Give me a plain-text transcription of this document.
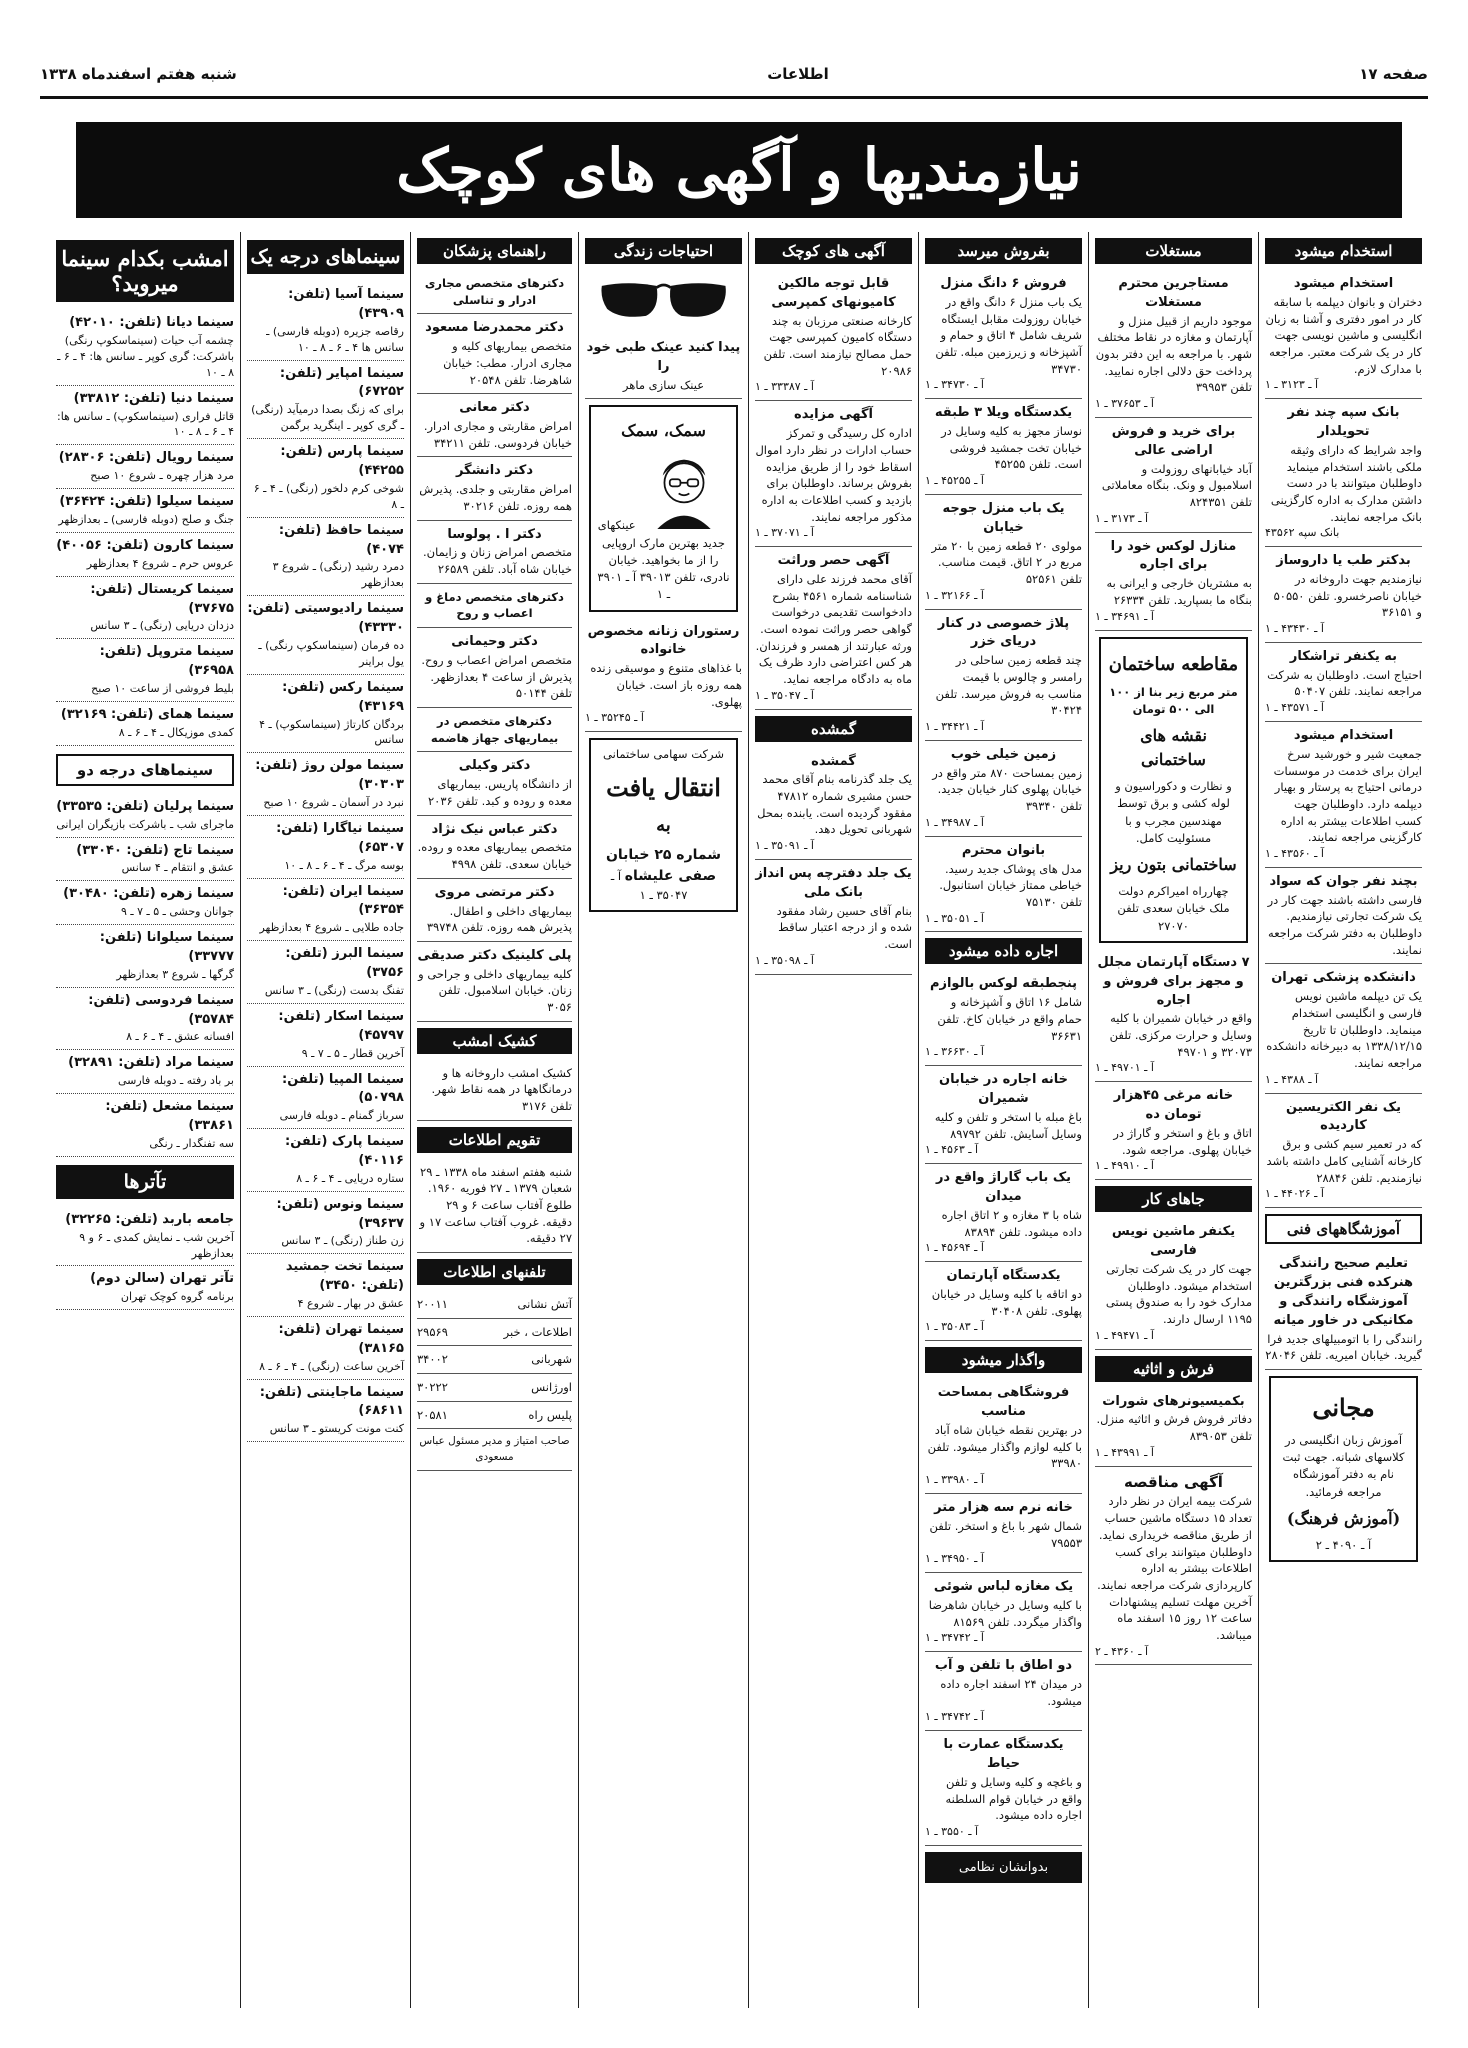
صفحه ۱۷
اطلاعات
شنبه هفتم اسفندماه ۱۳۳۸
نیازمندیها و آگهی های کوچک
استخدام میشود
استخدام میشود
دختران و بانوان دیپلمه با سابقه کار در امور دفتری و آشنا به زبان انگلیسی و ماشین نویسی جهت کار در یک شرکت معتبر. مراجعه با مدارک لازم.
آ ـ ۳۱۲۳ ـ ۱
بانک سپه چند نفر تحویلدار
واجد شرایط که دارای وثیقه ملکی باشند استخدام مینماید داوطلبان میتوانند با در دست داشتن مدارک به اداره کارگزینی بانک مراجعه نمایند.
بانک سپه ۴۳۵۶۲
بدکتر طب یا داروساز
نیازمندیم جهت داروخانه در خیابان ناصرخسرو. تلفن ۵۰۵۵۰ و ۳۶۱۵۱
آ ـ ۴۳۴۳۰ ـ ۱
به یکنفر تراشکار
احتیاج است. داوطلبان به شرکت مراجعه نمایند. تلفن ۵۰۴۰۷
آ ـ ۴۳۵۷۱ ـ ۱
استخدام میشود
جمعیت شیر و خورشید سرخ ایران برای خدمت در موسسات درمانی احتیاج به پرستار و بهیار دیپلمه دارد. داوطلبان جهت کسب اطلاعات بیشتر به اداره کارگزینی مراجعه نمایند.
آ ـ ۴۳۵۶۰ ـ ۱
بچند نفر جوان که سواد
فارسی داشته باشند جهت کار در یک شرکت تجارتی نیازمندیم. داوطلبان به دفتر شرکت مراجعه نمایند.
دانشکده پزشکی تهران
یک تن دیپلمه ماشین نویس فارسی و انگلیسی استخدام مینماید. داوطلبان تا تاریخ ۱۳۳۸/۱۲/۱۵ به دبیرخانه دانشکده مراجعه نمایند.
آ ـ ۴۳۸۸ ـ ۱
یک نفر الکتریسین کاردیده
که در تعمیر سیم کشی و برق کارخانه آشنایی کامل داشته باشد نیازمندیم. تلفن ۲۸۸۴۶
آ ـ ۴۴۰۲۶ ـ ۱
آموزشگاههای فنی
تعلیم صحیح رانندگی هنرکده فنی بزرگترین آموزشگاه رانندگی و مکانیکی در خاور میانه
رانندگی را با اتومبیلهای جدید فرا گیرید. خیابان امیریه. تلفن ۲۸۰۴۶
مجانی
آموزش زبان انگلیسی در کلاسهای شبانه. جهت ثبت نام به دفتر آموزشگاه مراجعه فرمائید.
(آموزش فرهنگ)
آ ـ ۴۰۹۰ ـ ۲
مستغلات
مستاجرین محترم مستغلات
موجود داریم از قبیل منزل و آپارتمان و مغازه در نقاط مختلف شهر. با مراجعه به این دفتر بدون پرداخت حق دلالی اجاره نمایید. تلفن ۳۹۹۵۳
آ ـ ۳۷۶۵۳ ـ ۱
برای خرید و فروش اراضی عالی
آباد خیابانهای روزولت و اسلامبول و ونک. بنگاه معاملاتی تلفن ۸۲۴۳۵۱
آ ـ ۳۱۷۳ ـ ۱
منازل لوکس خود را برای اجاره
به مشتریان خارجی و ایرانی به بنگاه ما بسپارید. تلفن ۲۶۳۳۴
آ ـ ۳۴۶۹۱ ـ ۱
مقاطعه ساختمان
متر مربع زیر بنا از ۱۰۰ الی ۵۰۰ تومان
نقشه های ساختمانی
و نظارت و دکوراسیون و لوله کشی و برق توسط مهندسین مجرب و با مسئولیت کامل.
ساختمانی بتون ریز
چهارراه امیراکرم دولت ملک خیابان سعدی تلفن ۲۷۰۷۰
۷ دستگاه آپارتمان مجلل و مجهز برای فروش و اجاره
واقع در خیابان شمیران با کلیه وسایل و حرارت مرکزی. تلفن ۳۲۰۷۳ و ۴۹۷۰۱
آ ـ ۴۹۷۰۱ ـ ۱
خانه مرغی ۴۵هزار تومان ده
اتاق و باغ و استخر و گاراژ در خیابان پهلوی. مراجعه شود.
آ ـ ۴۹۹۱۰ ـ ۱
جاهای کار
یکنفر ماشین نویس فارسی
جهت کار در یک شرکت تجارتی استخدام میشود. داوطلبان مدارک خود را به صندوق پستی ۱۱۹۵ ارسال دارند.
آ ـ ۴۹۴۷۱ ـ ۱
فرش و اثاثیه
بکمیسیونرهای شورات
دفاتر فروش فرش و اثاثیه منزل. تلفن ۸۳۹۰۵۳
آ ـ ۴۳۹۹۱ ـ ۱
آگهی مناقصه
شرکت بیمه ایران در نظر دارد تعداد ۱۵ دستگاه ماشین حساب از طریق مناقصه خریداری نماید. داوطلبان میتوانند برای کسب اطلاعات بیشتر به اداره کارپردازی شرکت مراجعه نمایند. آخرین مهلت تسلیم پیشنهادات ساعت ۱۲ روز ۱۵ اسفند ماه میباشد.
آ ـ ۴۳۶۰ ـ ۲
بفروش میرسد
فروش ۶ دانگ منزل
یک باب منزل ۶ دانگ واقع در خیابان روزولت مقابل ایستگاه شریف شامل ۴ اتاق و حمام و آشپزخانه و زیرزمین مبله. تلفن ۳۴۷۳۰
آ ـ ۳۴۷۳۰ ـ ۱
یکدستگاه ویلا ۳ طبقه
نوساز مجهز به کلیه وسایل در خیابان تخت جمشید فروشی است. تلفن ۴۵۲۵۵
آ ـ ۴۵۲۵۵ ـ ۱
یک باب منزل جوجه خیابان
مولوی ۲۰ قطعه زمین با ۲۰ متر مربع در ۲ اتاق. قیمت مناسب. تلفن ۵۲۵۶۱
آ ـ ۳۲۱۶۶ ـ ۱
پلاژ خصوصی در کنار دریای خزر
چند قطعه زمین ساحلی در رامسر و چالوس با قیمت مناسب به فروش میرسد. تلفن ۳۰۴۲۴
آ ـ ۳۴۴۲۱ ـ ۱
زمین خیلی خوب
زمین بمساحت ۸۷۰ متر واقع در خیابان پهلوی کنار خیابان جدید. تلفن ۳۹۳۴۰
آ ـ ۳۴۹۸۷ ـ ۱
بانوان محترم
مدل های پوشاک جدید رسید. خیاطی ممتاز خیابان استانبول. تلفن ۷۵۱۳۰
آ ـ ۳۵۰۵۱ ـ ۱
اجاره داده میشود
پنجطبقه لوکس بالوازم
شامل ۱۶ اتاق و آشپزخانه و حمام واقع در خیابان کاخ. تلفن ۳۶۶۳۱
آ ـ ۳۶۶۳۰ ـ ۱
خانه اجاره در خیابان شمیران
باغ مبله با استخر و تلفن و کلیه وسایل آسایش. تلفن ۸۹۷۹۲
آ ـ ۴۵۶۳ ـ ۱
یک باب گاراژ واقع در میدان
شاه با ۳ مغازه و ۲ اتاق اجاره داده میشود. تلفن ۸۳۸۹۴
آ ـ ۴۵۶۹۴ ـ ۱
یکدستگاه آپارتمان
دو اتاقه با کلیه وسایل در خیابان پهلوی. تلفن ۳۰۴۰۸
آ ـ ۳۵۰۸۳ ـ ۱
واگذار میشود
فروشگاهی بمساحت مناسب
در بهترین نقطه خیابان شاه آباد با کلیه لوازم واگذار میشود. تلفن ۳۳۹۸۰
آ ـ ۳۳۹۸۰ ـ ۱
خانه نرم سه هزار متر
شمال شهر با باغ و استخر. تلفن ۷۹۵۵۳
آ ـ ۳۴۹۵۰ ـ ۱
یک مغازه لباس شوئی
با کلیه وسایل در خیابان شاهرضا واگذار میگردد. تلفن ۸۱۵۶۹
آ ـ ۳۴۷۴۲ ـ ۱
دو اطاق با تلفن و آب
در میدان ۲۴ اسفند اجاره داده میشود.
آ ـ ۳۴۷۴۲ ـ ۱
یکدستگاه عمارت با حیاط
و باغچه و کلیه وسایل و تلفن واقع در خیابان قوام السلطنه اجاره داده میشود.
آ ـ ۳۵۵۰ ـ ۱
بدوانشان نظامی
آگهی های کوچک
قابل توجه مالکین کامیونهای کمپرسی
کارخانه صنعتی مرزبان به چند دستگاه کامیون کمپرسی جهت حمل مصالح نیازمند است. تلفن ۲۰۹۸۶
آ ـ ۳۳۳۸۷ ـ ۱
آگهی مزایده
اداره کل رسیدگی و تمرکز حساب ادارات در نظر دارد اموال اسقاط خود را از طریق مزایده بفروش برساند. داوطلبان برای بازدید و کسب اطلاعات به اداره مذکور مراجعه نمایند.
آ ـ ۳۷۰۷۱ ـ ۱
آگهی حصر وراثت
آقای محمد فرزند علی دارای شناسنامه شماره ۴۵۶۱ بشرح دادخواست تقدیمی درخواست گواهی حصر وراثت نموده است. ورثه عبارتند از همسر و فرزندان. هر کس اعتراضی دارد ظرف یک ماه به دادگاه مراجعه نماید.
آ ـ ۳۵۰۴۷ ـ ۱
گمشده
گمشده
یک جلد گذرنامه بنام آقای محمد حسن مشیری شماره ۴۷۸۱۲ مفقود گردیده است. یابنده بمحل شهربانی تحویل دهد.
آ ـ ۳۵۰۹۱ ـ ۱
یک جلد دفترچه پس انداز بانک ملی
بنام آقای حسین رشاد مفقود شده و از درجه اعتبار ساقط است.
آ ـ ۳۵۰۹۸ ـ ۱
احتیاجات زندگی
پیدا کنید عینک طبی خود را
عینک سازی ماهر
سمک، سمک
عینکهای جدید بهترین مارک اروپایی را از ما بخواهید. خیابان نادری، تلفن ۳۹۰۱۳ آ ـ ۳۹۰۱ ـ ۱
رستوران زنانه مخصوص خانواده
با غذاهای متنوع و موسیقی زنده همه روزه باز است. خیابان پهلوی.
آ ـ ۳۵۲۴۵ ـ ۱
شرکت سهامی ساختمانی
انتقال یافت
به
شماره ۲۵ خیابان صفی علیشاه آ ـ ۳۵۰۴۷ ـ ۱
راهنمای پزشکان
دکترهای متخصص مجاری ادرار و تناسلی
دکتر محمدرضا مسعود
متخصص بیماریهای کلیه و مجاری ادرار. مطب: خیابان شاهرضا. تلفن ۲۰۵۴۸
دکتر معانی
امراض مقاربتی و مجاری ادرار. خیابان فردوسی. تلفن ۳۴۲۱۱
دکتر دانشگر
امراض مقاربتی و جلدی. پذیرش همه روزه. تلفن ۳۰۲۱۶
دکتر ا . پولوسا
متخصص امراض زنان و زایمان. خیابان شاه آباد. تلفن ۲۶۵۸۹
دکترهای متخصص دماغ و اعصاب و روح
دکتر وحیمانی
متخصص امراض اعصاب و روح. پذیرش از ساعت ۴ بعدازظهر. تلفن ۵۰۱۴۴
دکترهای متخصص در بیماریهای جهاز هاضمه
دکتر وکیلی
از دانشگاه پاریس. بیماریهای معده و روده و کبد. تلفن ۲۰۳۶
دکتر عباس نیک نژاد
متخصص بیماریهای معده و روده. خیابان سعدی. تلفن ۴۹۹۸
دکتر مرتضی مروی
بیماریهای داخلی و اطفال. پذیرش همه روزه. تلفن ۳۹۷۴۸
پلی کلینیک دکتر صدیقی
کلیه بیماریهای داخلی و جراحی و زنان. خیابان اسلامبول. تلفن ۳۰۵۶
کشیک امشب
کشیک امشب داروخانه ها و درمانگاهها در همه نقاط شهر. تلفن ۳۱۷۶
تقویم اطلاعات
شنبه هفتم اسفند ماه ۱۳۳۸ ـ ۲۹ شعبان ۱۳۷۹ ـ ۲۷ فوریه ۱۹۶۰. طلوع آفتاب ساعت ۶ و ۲۹ دقیقه. غروب آفتاب ساعت ۱۷ و ۲۷ دقیقه.
تلفنهای اطلاعات
آتش نشانی
۲۰۰۱۱
اطلاعات ، خبر
۲۹۵۶۹
شهربانی
۳۴۰۰۲
اورژانس
۳۰۲۲۲
پلیس راه
۲۰۵۸۱
صاحب امتیاز و مدیر مسئول عباس مسعودی
سینماهای درجه یک
سینما آسیا (تلفن: ۴۳۹۰۹)
رقاصه جزیره (دوبله فارسی) ـ سانس ها ۴ ـ ۶ ـ ۸ ـ ۱۰
سینما امپایر (تلفن: ۶۷۲۵۲)
برای که زنگ بصدا درمیآید (رنگی) ـ گری کوپر ـ اینگرید برگمن
سینما پارس (تلفن: ۴۴۲۵۵)
شوخی کرم دلخور (رنگی) ـ ۴ ـ ۶ ـ ۸
سینما حافظ (تلفن: ۴۰۷۴)
دمرد رشید (رنگی) ـ شروع ۳ بعدازظهر
سینما رادیوسیتی (تلفن: ۴۳۳۳۰)
ده فرمان (سینماسکوپ رنگی) ـ یول براینر
سینما رکس (تلفن: ۴۳۱۶۹)
بردگان کارتاژ (سینماسکوپ) ـ ۴ سانس
سینما مولن روژ (تلفن: ۳۰۳۰۳)
نبرد در آسمان ـ شروع ۱۰ صبح
سینما نیاگارا (تلفن: ۶۵۳۰۷)
بوسه مرگ ـ ۴ ـ ۶ ـ ۸ ـ ۱۰
سینما ایران (تلفن: ۳۶۳۵۴)
جاده طلایی ـ شروع ۴ بعدازظهر
سینما البرز (تلفن: ۳۷۵۶)
تفنگ بدست (رنگی) ـ ۳ سانس
سینما اسکار (تلفن: ۴۵۷۹۷)
آخرین قطار ـ ۵ ـ ۷ ـ ۹
سینما المپیا (تلفن: ۵۰۷۹۸)
سرباز گمنام ـ دوبله فارسی
سینما پارک (تلفن: ۴۰۱۱۶)
ستاره دریایی ـ ۴ ـ ۶ ـ ۸
سینما ونوس (تلفن: ۳۹۶۳۷)
زن طناز (رنگی) ـ ۳ سانس
سینما تخت جمشید (تلفن: ۳۴۵۰)
عشق در بهار ـ شروع ۴
سینما تهران (تلفن: ۳۸۱۶۵)
آخرین ساعت (رنگی) ـ ۴ ـ ۶ ـ ۸
سینما ماجاینتی (تلفن: ۶۸۶۱۱)
کنت مونت کریستو ـ ۳ سانس
امشب بکدام سینما میروید؟
سینما دیانا (تلفن: ۴۲۰۱۰)
چشمه آب حیات (سینماسکوپ رنگی) باشرکت: گری کوپر ـ سانس ها: ۴ ـ ۶ ـ ۸ ـ ۱۰
سینما دنیا (تلفن: ۳۳۸۱۲)
قاتل فراری (سینماسکوپ) ـ سانس ها: ۴ ـ ۶ ـ ۸ ـ ۱۰
سینما رویال (تلفن: ۲۸۳۰۶)
مرد هزار چهره ـ شروع ۱۰ صبح
سینما سیلوا (تلفن: ۳۶۴۲۴)
جنگ و صلح (دوبله فارسی) ـ بعدازظهر
سینما کارون (تلفن: ۴۰۰۵۶)
عروس حرم ـ شروع ۴ بعدازظهر
سینما کریستال (تلفن: ۳۷۶۷۵)
دزدان دریایی (رنگی) ـ ۳ سانس
سینما متروپل (تلفن: ۳۶۹۵۸)
بلیط فروشی از ساعت ۱۰ صبح
سینما همای (تلفن: ۳۲۱۶۹)
کمدی موزیکال ـ ۴ ـ ۶ ـ ۸
سینماهای درجه دو
سینما پرلیان (تلفن: ۳۳۵۳۵)
ماجرای شب ـ باشرکت بازیگران ایرانی
سینما تاج (تلفن: ۳۳۰۴۰)
عشق و انتقام ـ ۴ سانس
سینما زهره (تلفن: ۳۰۴۸۰)
جوانان وحشی ـ ۵ ـ ۷ ـ ۹
سینما سیلوانا (تلفن: ۳۳۷۷۷)
گرگها ـ شروع ۳ بعدازظهر
سینما فردوسی (تلفن: ۳۵۷۸۴)
افسانه عشق ـ ۴ ـ ۶ ـ ۸
سینما مراد (تلفن: ۳۲۸۹۱)
بر باد رفته ـ دوبله فارسی
سینما مشعل (تلفن: ۳۳۸۶۱)
سه تفنگدار ـ رنگی
تآترها
جامعه باربد (تلفن: ۳۲۲۶۵)
آخرین شب ـ نمایش کمدی ـ ۶ و ۹ بعدازظهر
تآتر تهران (سالن دوم)
برنامه گروه کوچک تهران
